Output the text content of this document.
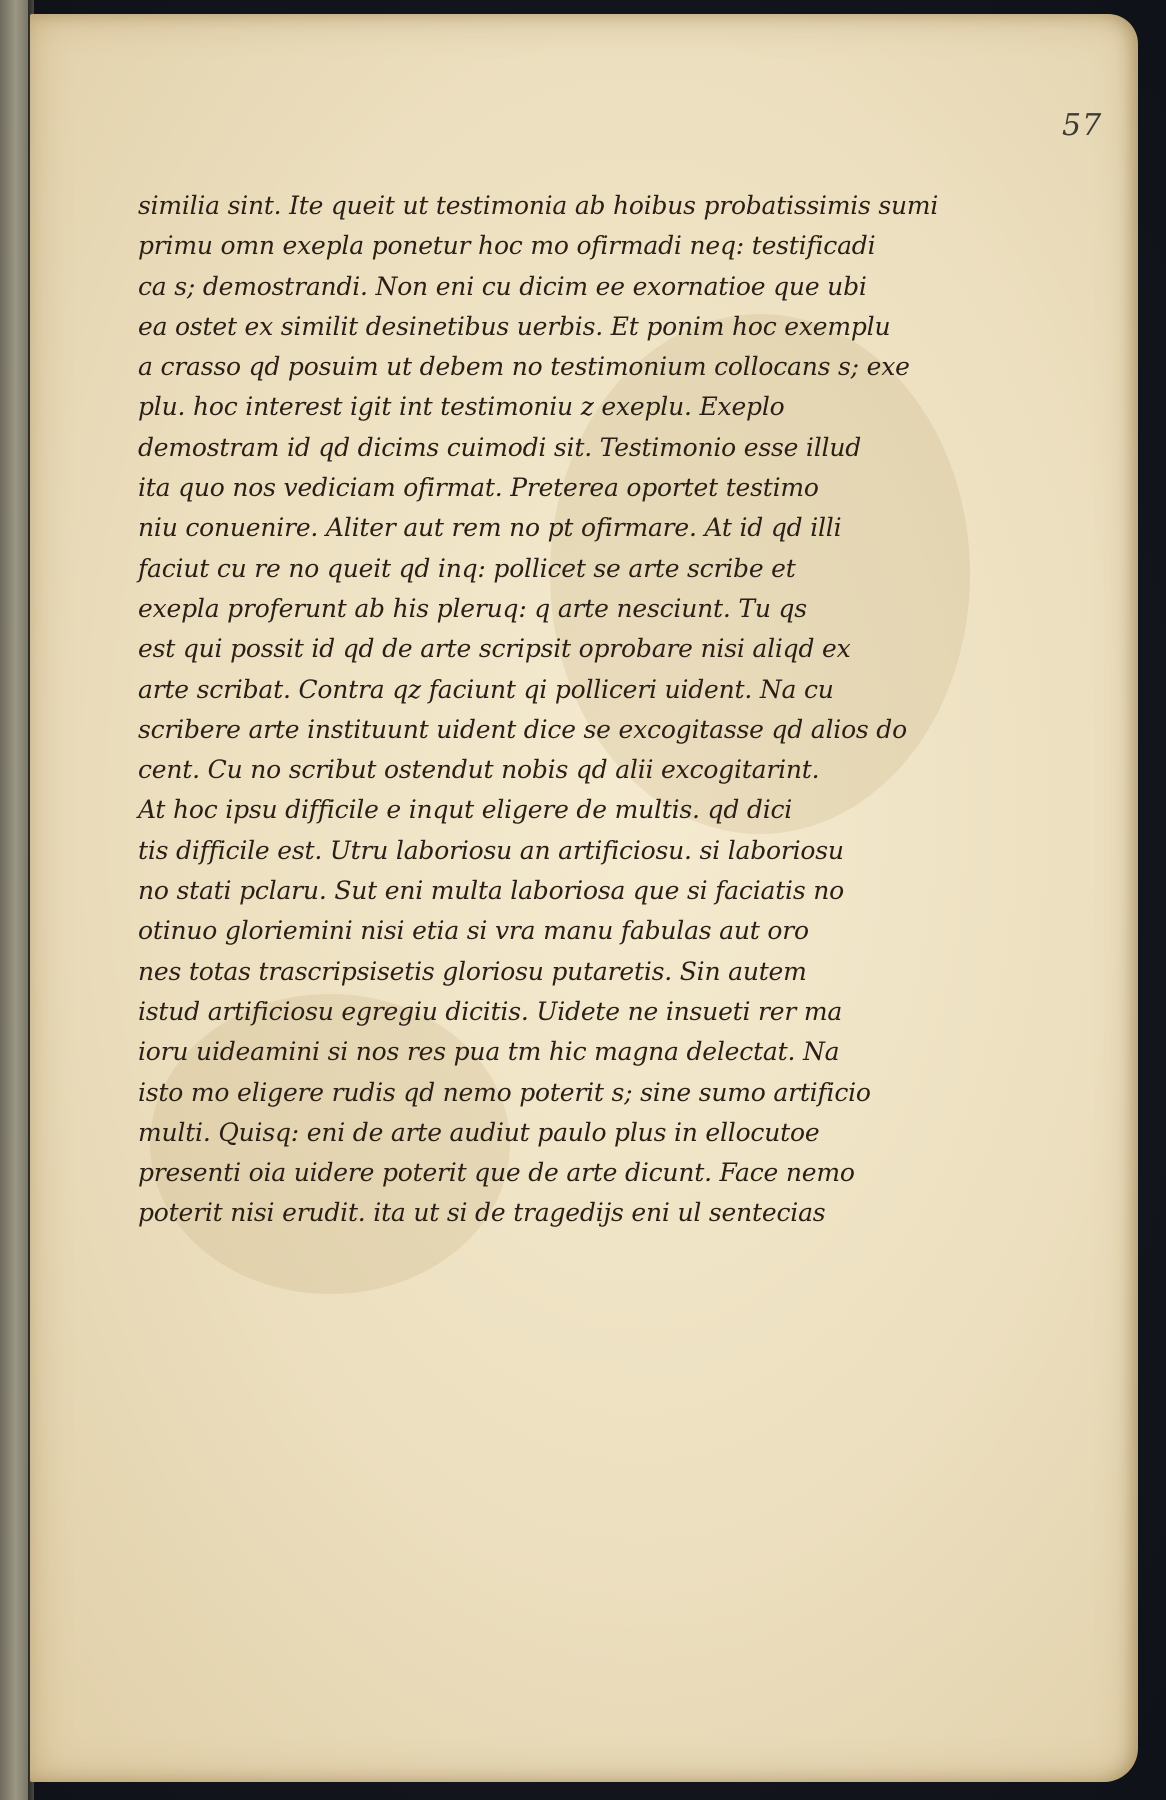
57
similia sint. Ite queit ut testimonia ab hoibus probatissimis sumi
primu omn exepla ponetur hoc mo ofirmadi neq: testificadi
ca s; demostrandi. Non eni cu dicim ee exornatioe que ubi
ea ostet ex similit desinetibus uerbis. Et ponim hoc exemplu
a crasso qd posuim ut debem no testimonium collocans s; exe
plu. hoc interest igit int testimoniu z exeplu. Exeplo
demostram id qd dicims cuimodi sit. Testimonio esse illud
ita quo nos vediciam ofirmat. Preterea oportet testimo
niu conuenire. Aliter aut rem no pt ofirmare. At id qd illi
faciut cu re no queit qd inq: pollicet se arte scribe et
exepla proferunt ab his pleruq: q arte nesciunt. Tu qs
est qui possit id qd de arte scripsit oprobare nisi aliqd ex
arte scribat. Contra qz faciunt qi polliceri uident. Na cu
scribere arte instituunt uident dice se excogitasse qd alios do
cent. Cu no scribut ostendut nobis qd alii excogitarint.
At hoc ipsu difficile e inqut eligere de multis. qd dici
tis difficile est. Utru laboriosu an artificiosu. si laboriosu
no stati pclaru. Sut eni multa laboriosa que si faciatis no
otinuo gloriemini nisi etia si vra manu fabulas aut oro
nes totas trascripsisetis gloriosu putaretis. Sin autem
istud artificiosu egregiu dicitis. Uidete ne insueti rer ma
ioru uideamini si nos res pua tm hic magna delectat. Na
isto mo eligere rudis qd nemo poterit s; sine sumo artificio
multi. Quisq: eni de arte audiut paulo plus in ellocutoe
presenti oia uidere poterit que de arte dicunt. Face nemo
poterit nisi erudit. ita ut si de tragedijs eni ul sentecias
